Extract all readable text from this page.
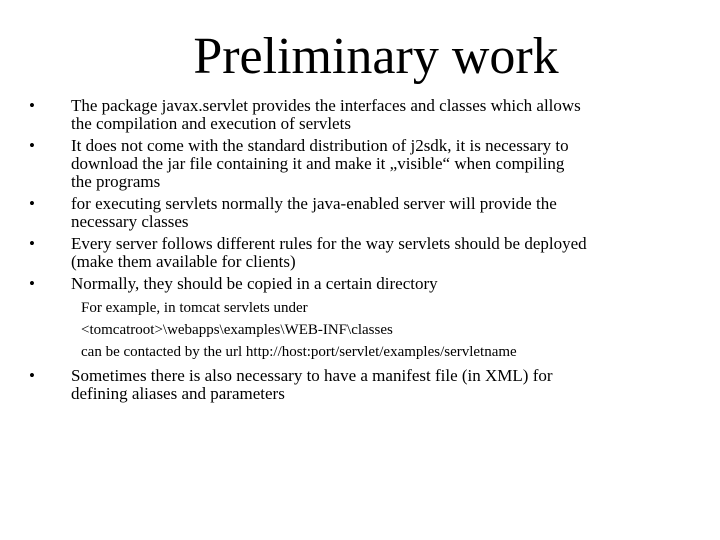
Preliminary work
•	The package javax.servlet provides the interfaces and classes which allows
the compilation and execution of servlets
•	It does not come with the standard distribution of j2sdk, it is necessary to
download the jar file containing it and make it „visible“ when compiling
the programs
•	for executing servlets normally the java-enabled server will provide the
necessary classes
•	Every server follows different rules for the way servlets should be deployed
(make them available for clients)
•	Normally, they should be copied in a certain directory
For example, in tomcat servlets under
<tomcatroot>\webapps\examples\WEB-INF\classes
can be contacted by the url http://host:port/servlet/examples/servletname
•	Sometimes there is also necessary to have a manifest file (in XML) for
defining aliases and parameters
